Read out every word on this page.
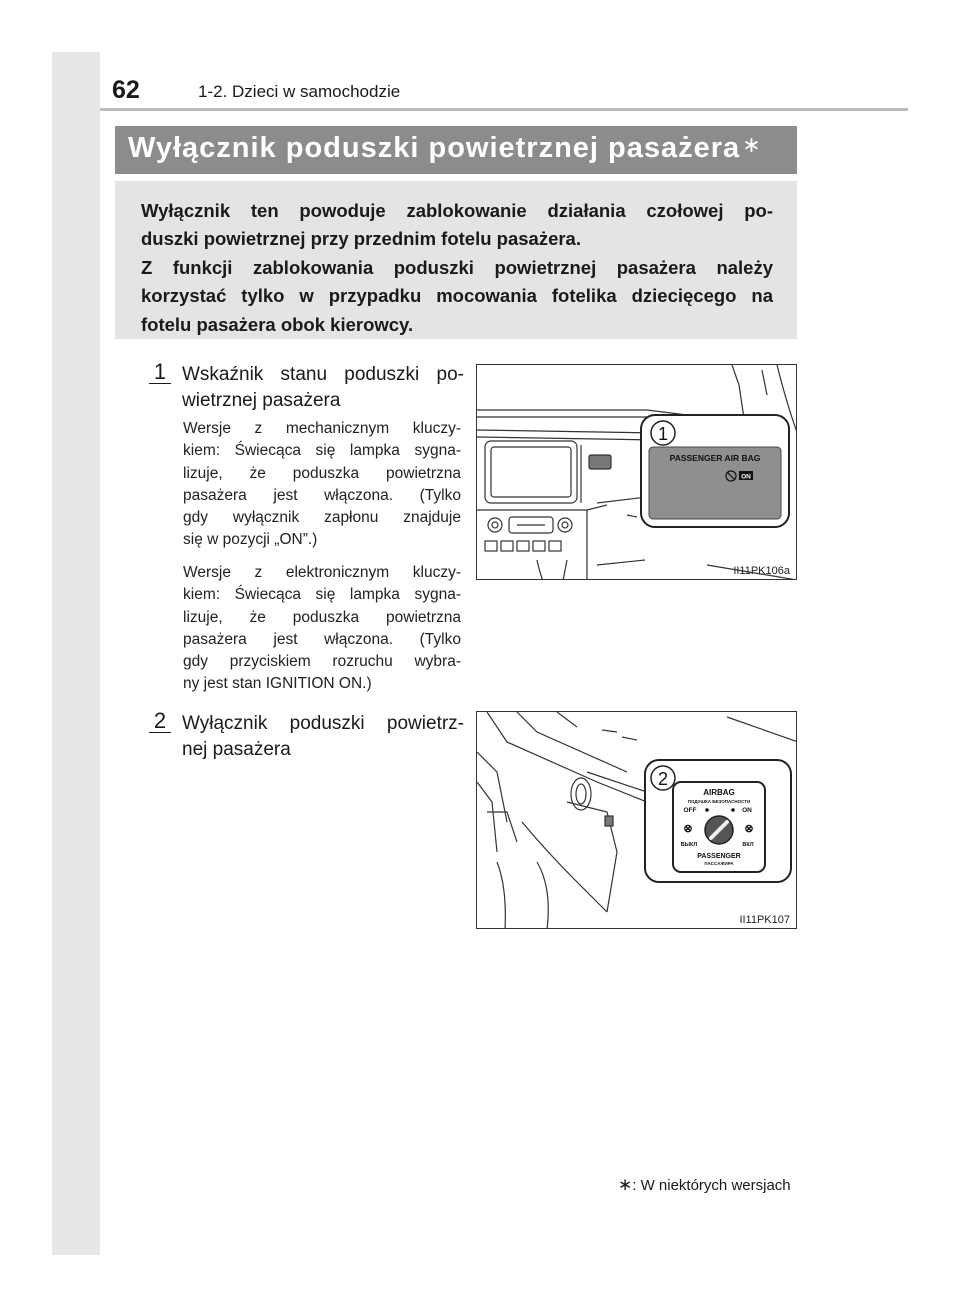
62	1-2. Dzieci w samochodzie
Wyłącznik poduszki powietrznej pasażera∗
Wyłącznik ten powoduje zablokowanie działania czołowej po-
duszki powietrznej przy przednim fotelu pasażera.
Z funkcji zablokowania poduszki powietrznej pasażera należy
korzystać tylko w przypadku mocowania fotelika dziecięcego na
fotelu pasażera obok kierowcy.
1 Wskaźnik stanu poduszki po-
wietrznej pasażera
Wersje z mechanicznym kluczy-
kiem: Świecąca się lampka sygna-
lizuje, że poduszka powietrzna
pasażera jest włączona. (Tylko
gdy wyłącznik zapłonu znajduje
się w pozycji „ON”.)
Wersje z elektronicznym kluczy-
kiem: Świecąca się lampka sygna-
lizuje, że poduszka powietrzna
pasażera jest włączona. (Tylko
gdy przyciskiem rozruchu wybra-
ny jest stan IGNITION ON.)
PASSENGER AIR BAG
ON
1
II11PK106a
2 Wyłącznik poduszki powietrz-
nej pasażera
AIRBAG
ПОДУШКА БЕЗОПАСНОСТИ
OFF	ON
⊗	⊗
ВЫКЛ	ВКЛ
PASSENGER
ПАССАЖИРА
2
II11PK107
∗: W niektórych wersjach
